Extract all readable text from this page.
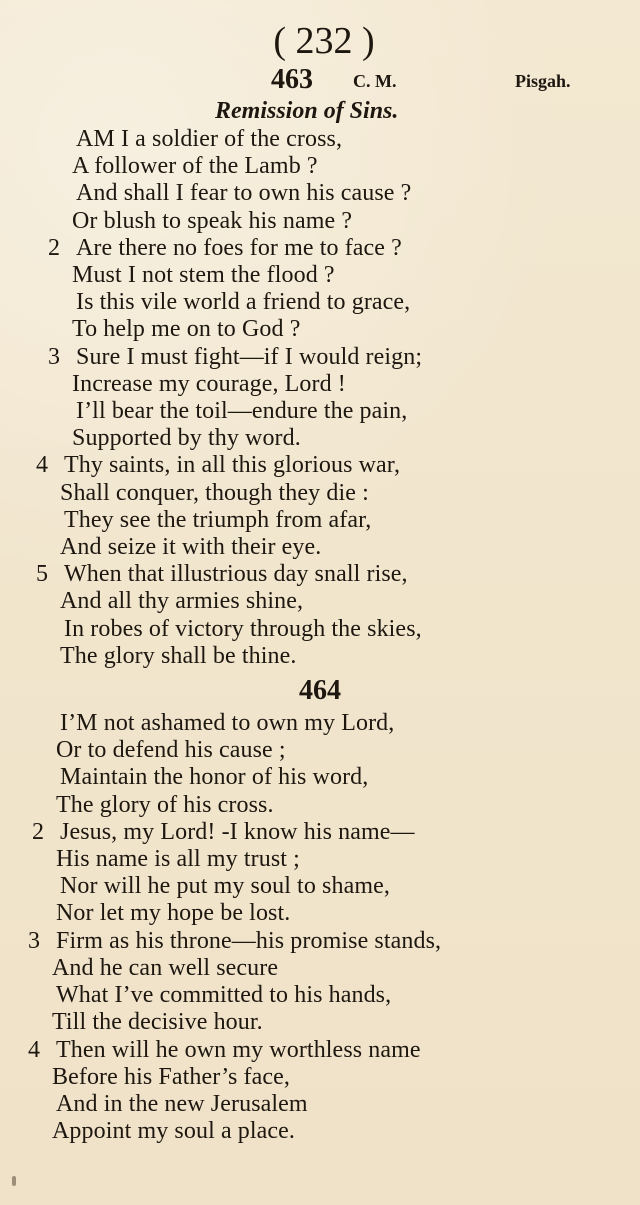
( 232 )
463 C. M.	Pisgah.
Remission of Sins.
AM I a soldier of the cross,
A follower of the Lamb ?
And shall I fear to own his cause ?
Or blush to speak his name ?
2 Are there no foes for me to face ?
Must I not stem the flood ?
Is this vile world a friend to grace,
To help me on to God ?
3 Sure I must fight—if I would reign;
Increase my courage, Lord !
I’ll bear the toil—endure the pain,
Supported by thy word.
4 Thy saints, in all this glorious war,
Shall conquer, though they die :
They see the triumph from afar,
And seize it with their eye.
5 When that illustrious day snall rise,
And all thy armies shine,
In robes of victory through the skies,
The glory shall be thine.
464
I’M not ashamed to own my Lord,
Or to defend his cause ;
Maintain the honor of his word,
The glory of his cross.
2 Jesus, my Lord! -I know his name—
His name is all my trust ;
Nor will he put my soul to shame,
Nor let my hope be lost.
3 Firm as his throne—his promise stands,
And he can well secure
What I’ve committed to his hands,
Till the decisive hour.
4 Then will he own my worthless name
Before his Father’s face,
And in the new Jerusalem
Appoint my soul a place.
